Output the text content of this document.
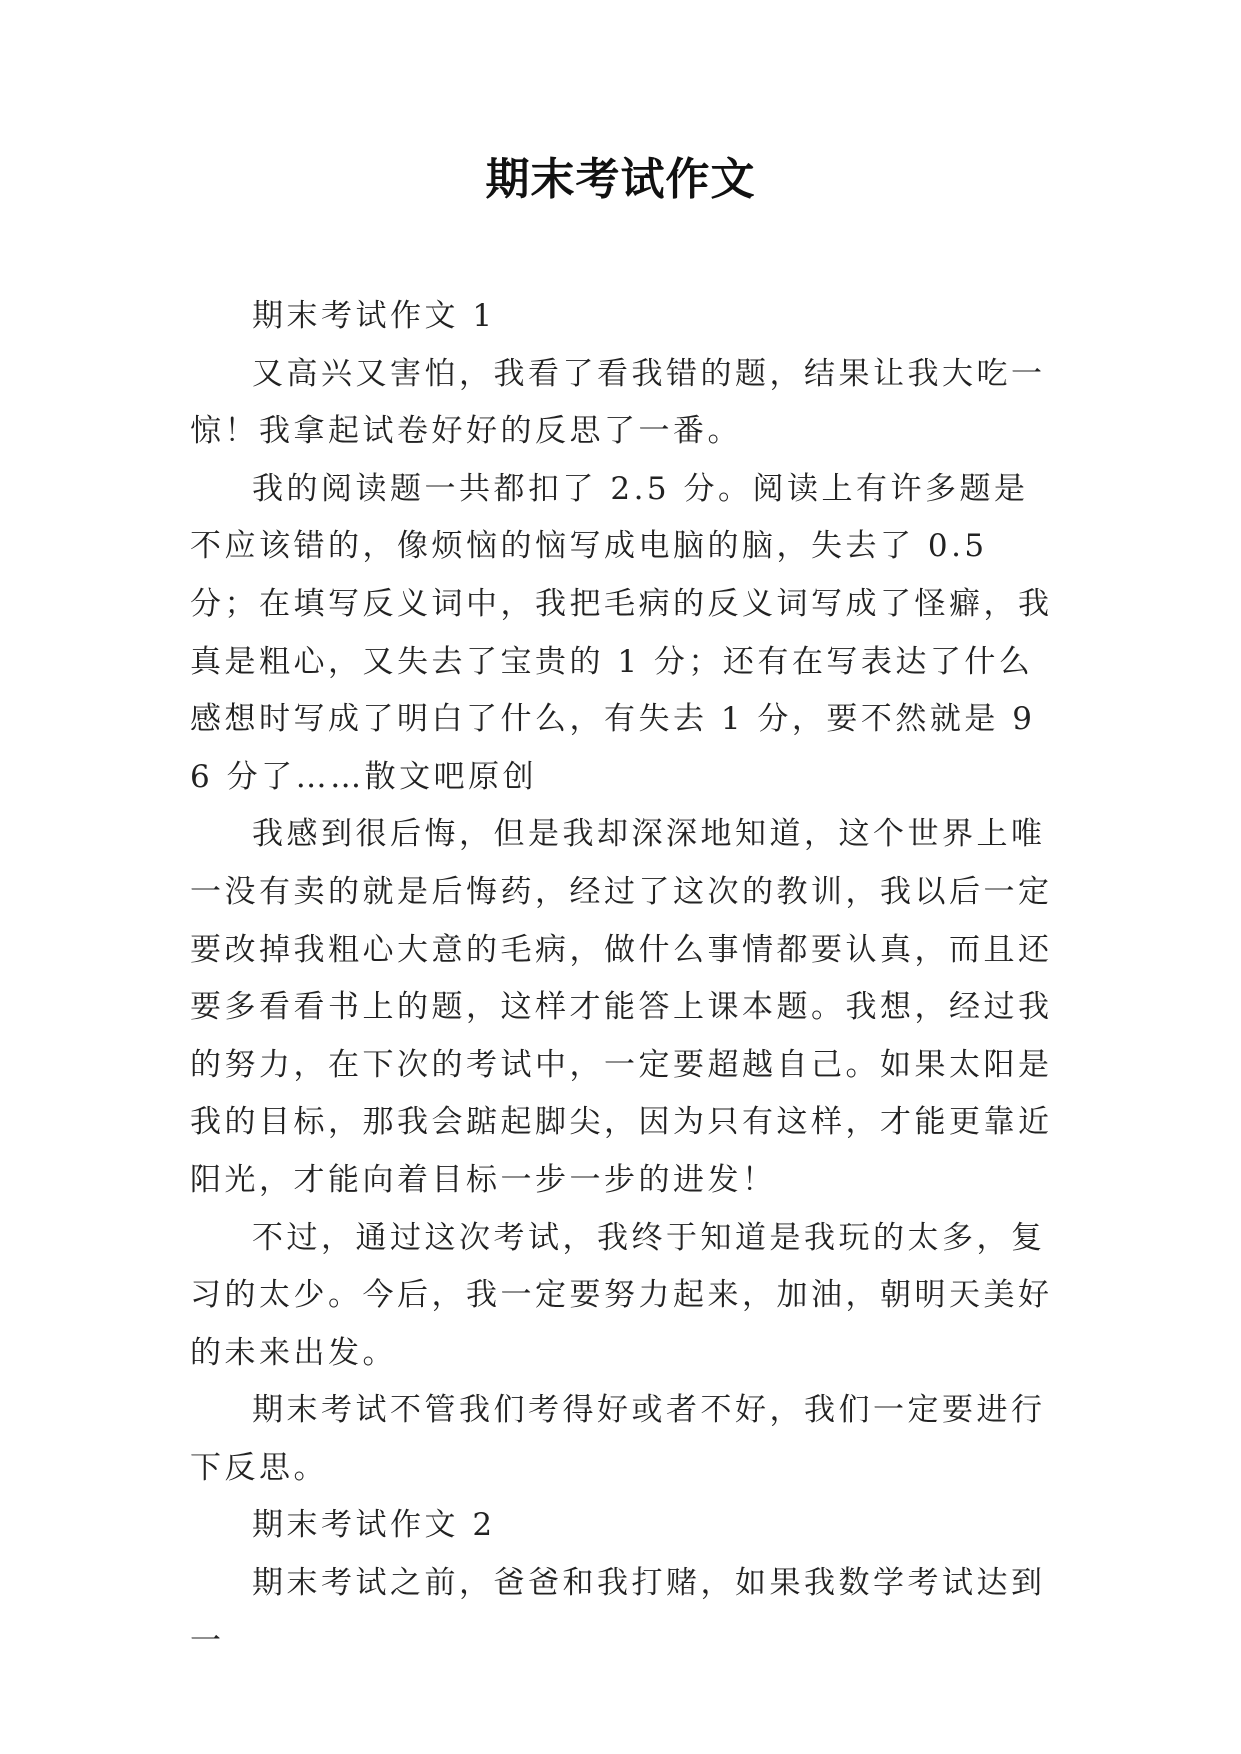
期末考试作文

期末考试作文 1

又高兴又害怕，我看了看我错的题，结果让我大吃一惊！我拿起试卷好好的反思了一番。

我的阅读题一共都扣了 2.5 分。阅读上有许多题是不应该错的，像烦恼的恼写成电脑的脑，失去了 0.5 分；在填写反义词中，我把毛病的反义词写成了怪癖，我真是粗心，又失去了宝贵的 1 分；还有在写表达了什么感想时写成了明白了什么，有失去 1 分，要不然就是 96 分了……散文吧原创

我感到很后悔，但是我却深深地知道，这个世界上唯一没有卖的就是后悔药，经过了这次的教训，我以后一定要改掉我粗心大意的毛病，做什么事情都要认真，而且还要多看看书上的题，这样才能答上课本题。我想，经过我的努力，在下次的考试中，一定要超越自己。如果太阳是我的目标，那我会踮起脚尖，因为只有这样，才能更靠近阳光，才能向着目标一步一步的进发！

不过，通过这次考试，我终于知道是我玩的太多，复习的太少。今后，我一定要努力起来，加油，朝明天美好的未来出发。

期末考试不管我们考得好或者不好，我们一定要进行下反思。

期末考试作文 2

期末考试之前，爸爸和我打赌，如果我数学考试达到一
